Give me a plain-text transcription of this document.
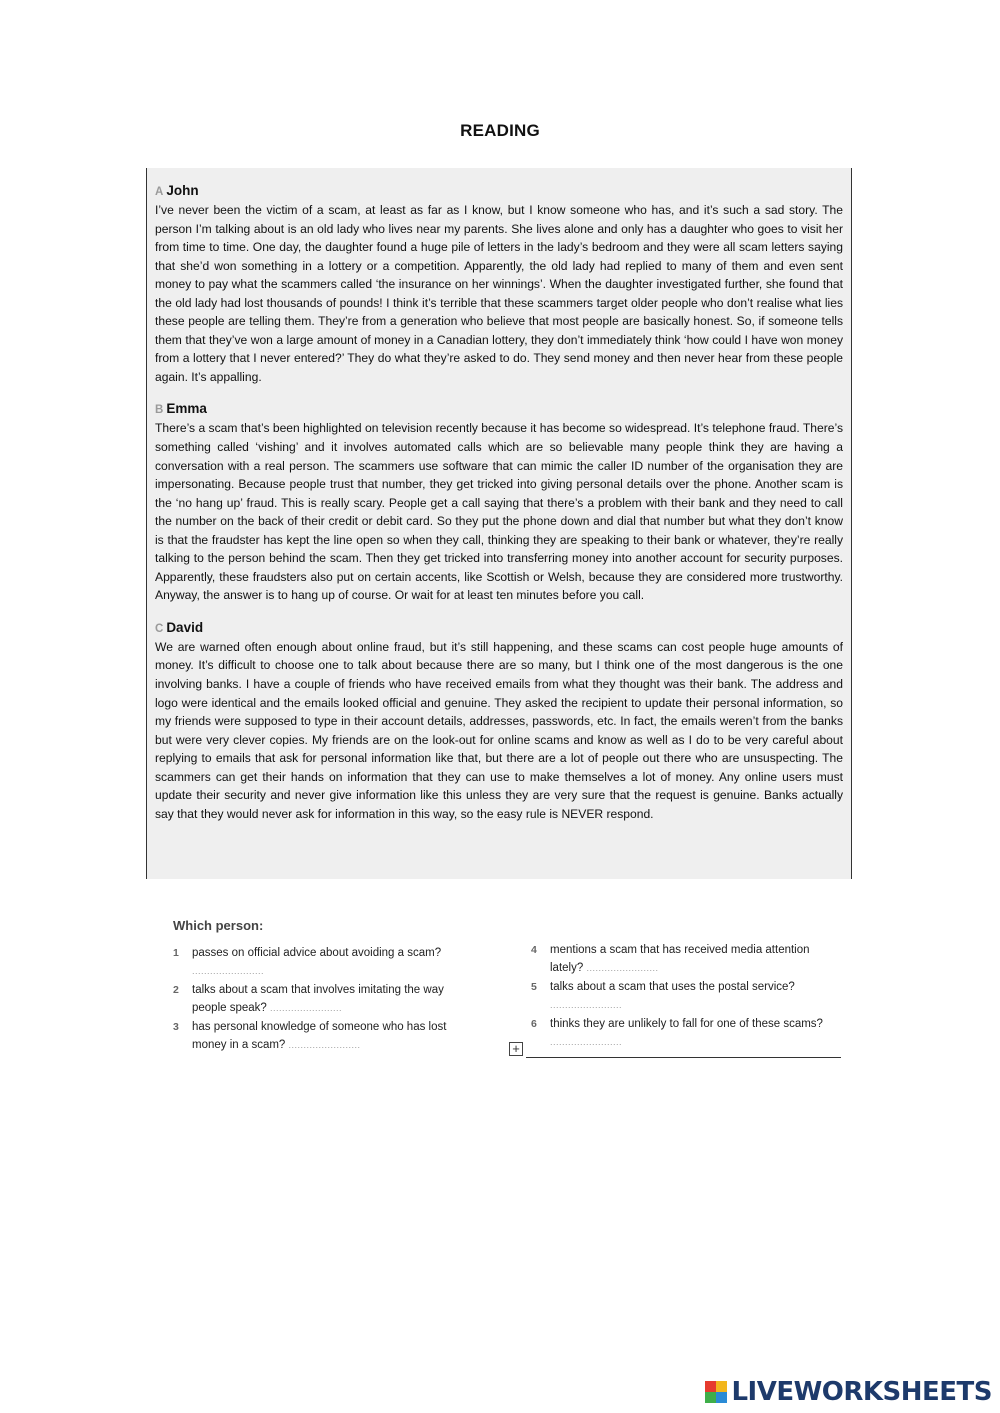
READING
A John
I’ve never been the victim of a scam, at least as far as I know, but I know someone who has, and it’s such a sad story. The person I’m talking about is an old lady who lives near my parents. She lives alone and only has a daughter who goes to visit her from time to time. One day, the daughter found a huge pile of letters in the lady’s bedroom and they were all scam letters saying that she’d won something in a lottery or a competition. Apparently, the old lady had replied to many of them and even sent money to pay what the scammers called ‘the insurance on her winnings’. When the daughter investigated further, she found that the old lady had lost thousands of pounds! I think it’s terrible that these scammers target older people who don’t realise what lies these people are telling them. They’re from a generation who believe that most people are basically honest. So, if someone tells them that they’ve won a large amount of money in a Canadian lottery, they don’t immediately think ‘how could I have won money from a lottery that I never entered?’ They do what they’re asked to do. They send money and then never hear from these people again. It’s appalling.
B Emma
There’s a scam that’s been highlighted on television recently because it has become so widespread. It’s telephone fraud. There’s something called ‘vishing’ and it involves automated calls which are so believable many people think they are having a conversation with a real person. The scammers use software that can mimic the caller ID number of the organisation they are impersonating. Because people trust that number, they get tricked into giving personal details over the phone. Another scam is the ‘no hang up’ fraud. This is really scary. People get a call saying that there’s a problem with their bank and they need to call the number on the back of their credit or debit card. So they put the phone down and dial that number but what they don’t know is that the fraudster has kept the line open so when they call, thinking they are speaking to their bank or whatever, they’re really talking to the person behind the scam. Then they get tricked into transferring money into another account for security purposes. Apparently, these fraudsters also put on certain accents, like Scottish or Welsh, because they are considered more trustworthy. Anyway, the answer is to hang up of course. Or wait for at least ten minutes before you call.
C David
We are warned often enough about online fraud, but it’s still happening, and these scams can cost people huge amounts of money. It’s difficult to choose one to talk about because there are so many, but I think one of the most dangerous is the one involving banks. I have a couple of friends who have received emails from what they thought was their bank. The address and logo were identical and the emails looked official and genuine. They asked the recipient to update their personal information, so my friends were supposed to type in their account details, addresses, passwords, etc. In fact, the emails weren’t from the banks but were very clever copies. My friends are on the look-out for online scams and know as well as I do to be very careful about replying to emails that ask for personal information like that, but there are a lot of people out there who are unsuspecting. The scammers can get their hands on information that they can use to make themselves a lot of money. Any online users must update their security and never give information like this unless they are very sure that the request is genuine. Banks actually say that they would never ask for information in this way, so the easy rule is NEVER respond.
Which person:
1	passes on official advice about avoiding a scam?
........................
2	talks about a scam that involves imitating the way people speak? ........................
3	has personal knowledge of someone who has lost money in a scam? ........................
4	mentions a scam that has received media attention lately? ........................
5	talks about a scam that uses the postal service?
........................
6	thinks they are unlikely to fall for one of these scams?
........................
+
LIVEWORKSHEETS
